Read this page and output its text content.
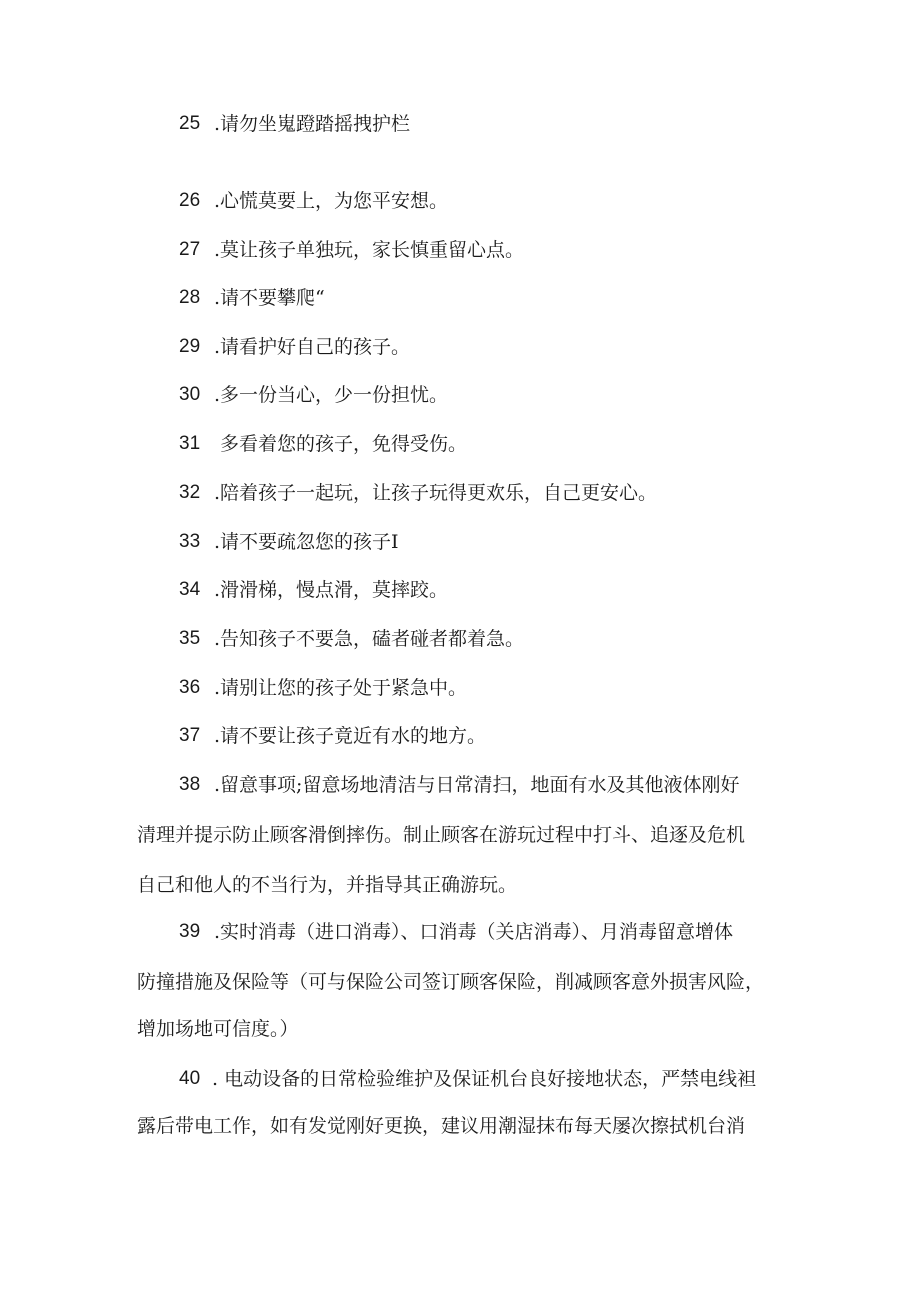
25 .请勿坐嵬蹬踏摇拽护栏
26 .心慌莫要上，为您平安想。
27 .莫让孩子单独玩，家长慎重留心点。
28 .请不要攀爬“
29 .请看护好自己的孩子。
30 .多一份当心，少一份担忧。
31 多看着您的孩子，免得受伤。
32 .陪着孩子一起玩，让孩子玩得更欢乐，自己更安心。
33 .请不要疏忽您的孩子I
34 .滑滑梯，慢点滑，莫摔跤。
35 .告知孩子不要急，磕者碰者都着急。
36 .请别让您的孩子处于紧急中。
37 .请不要让孩子竟近有水的地方。
38 .留意事项;留意场地清洁与日常清扫，地面有水及其他液体刚好
清理并提示防止顾客滑倒摔伤。制止顾客在游玩过程中打斗、追逐及危机
自己和他人的不当行为，并指导其正确游玩。
39 .实时消毒（进口消毒）、口消毒（关店消毒）、月消毒留意增体
防撞措施及保险等（可与保险公司签订顾客保险，削减顾客意外损害风险，
增加场地可信度。）
40 . 电动设备的日常检验维护及保证机台良好接地状态，严禁电线袒
露后带电工作，如有发觉刚好更换，建议用潮湿抹布每天屡次擦拭机台消
